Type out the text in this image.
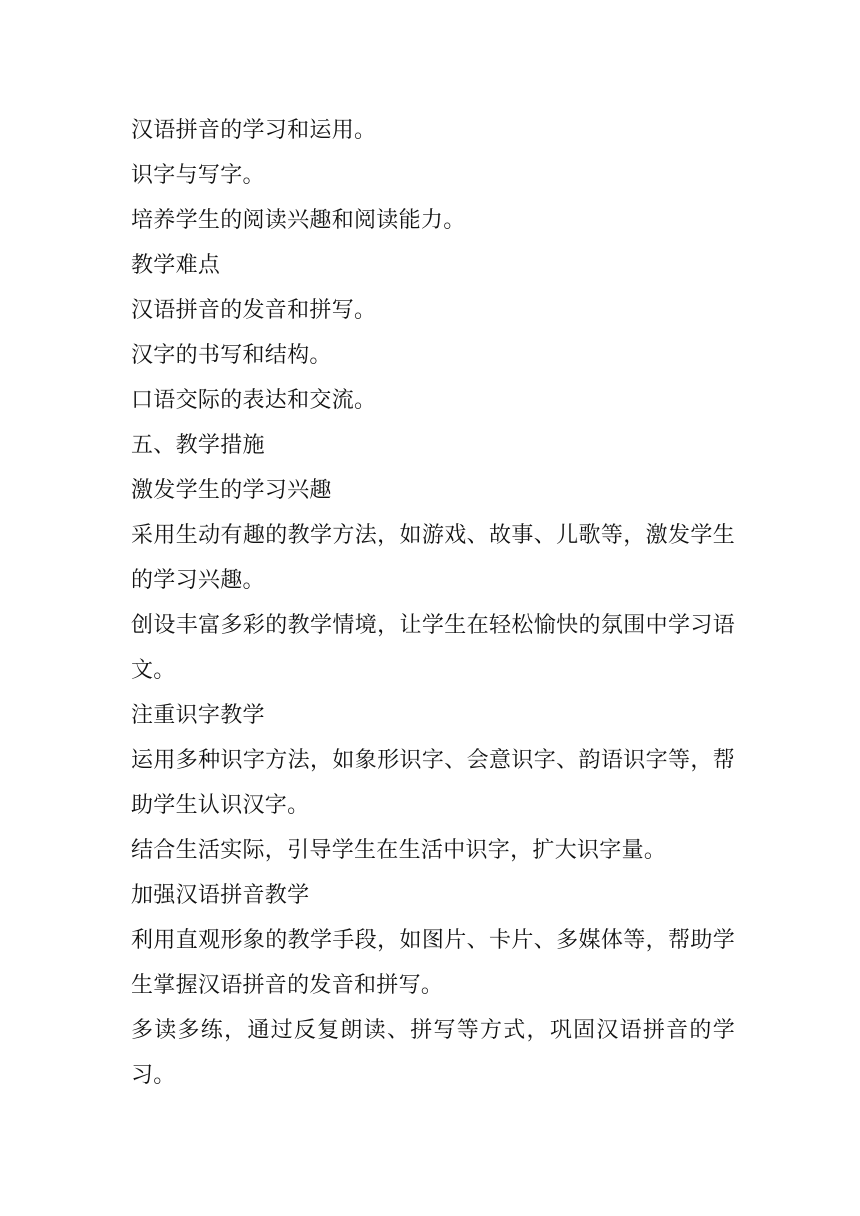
汉语拼音的学习和运用。

识字与写字。

培养学生的阅读兴趣和阅读能力。

教学难点

汉语拼音的发音和拼写。

汉字的书写和结构。

口语交际的表达和交流。

五、教学措施

激发学生的学习兴趣

采用生动有趣的教学方法，如游戏、故事、儿歌等，激发学生的学习兴趣。

创设丰富多彩的教学情境，让学生在轻松愉快的氛围中学习语文。

注重识字教学

运用多种识字方法，如象形识字、会意识字、韵语识字等，帮助学生认识汉字。

结合生活实际，引导学生在生活中识字，扩大识字量。

加强汉语拼音教学

利用直观形象的教学手段，如图片、卡片、多媒体等，帮助学生掌握汉语拼音的发音和拼写。

多读多练，通过反复朗读、拼写等方式，巩固汉语拼音的学习。
